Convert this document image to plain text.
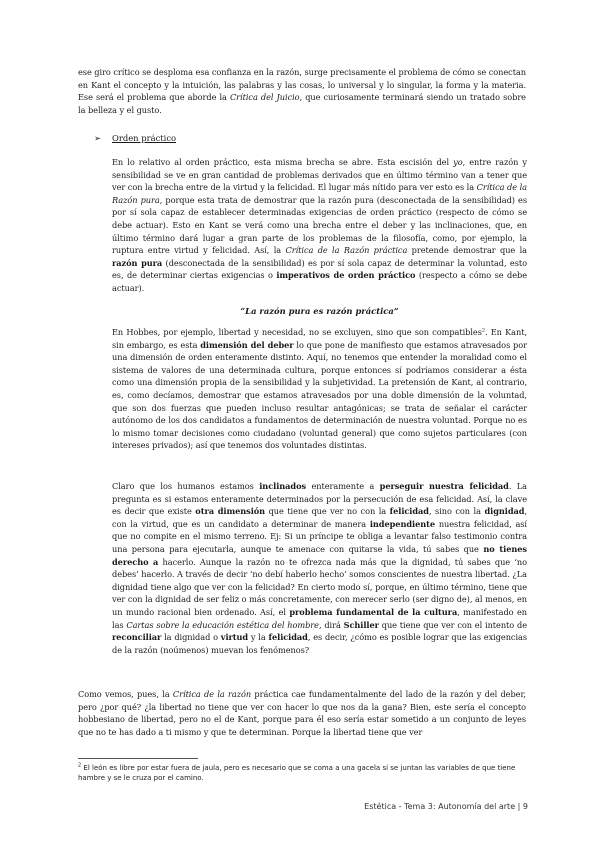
ese giro crítico se desploma esa confianza en la razón, surge precisamente el problema de cómo se conectan en Kant el concepto y la intuición, las palabras y las cosas, lo universal y lo singular, la forma y la materia. Ese será el problema que aborde la Crítica del Juicio, que curiosamente terminará siendo un tratado sobre la belleza y el gusto.

➢ Orden práctico

En lo relativo al orden práctico, esta misma brecha se abre. Esta escisión del yo, entre razón y sensibilidad se ve en gran cantidad de problemas derivados que en último término van a tener que ver con la brecha entre de la virtud y la felicidad. El lugar más nítido para ver esto es la Crítica de la Razón pura, porque esta trata de demostrar que la razón pura (desconectada de la sensibilidad) es por sí sola capaz de establecer determinadas exigencias de orden práctico (respecto de cómo se debe actuar). Esto en Kant se verá como una brecha entre el deber y las inclinaciones, que, en último término dará lugar a gran parte de los problemas de la filosofía, como, por ejemplo, la ruptura entre virtud y felicidad. Así, la Crítica de la Razón práctica pretende demostrar que la razón pura (desconectada de la sensibilidad) es por sí sola capaz de determinar la voluntad, esto es, de determinar ciertas exigencias o imperativos de orden práctico (respecto a cómo se debe actuar).

“La razón pura es razón práctica”

En Hobbes, por ejemplo, libertad y necesidad, no se excluyen, sino que son compatibles$^2$. En Kant, sin embargo, es esta dimensión del deber lo que pone de manifiesto que estamos atravesados por una dimensión de orden enteramente distinto. Aquí, no tenemos que entender la moralidad como el sistema de valores de una determinada cultura, porque entonces sí podríamos considerar a ésta como una dimensión propia de la sensibilidad y la subjetividad. La pretensión de Kant, al contrario, es, como decíamos, demostrar que estamos atravesados por una doble dimensión de la voluntad, que son dos fuerzas que pueden incluso resultar antagónicas; se trata de señalar el carácter autónomo de los dos candidatos a fundamentos de determinación de nuestra voluntad. Porque no es lo mismo tomar decisiones como ciudadano (voluntad general) que como sujetos particulares (con intereses privados); así que tenemos dos voluntades distintas.

Claro que los humanos estamos inclinados enteramente a perseguir nuestra felicidad. La pregunta es si estamos enteramente determinados por la persecución de esa felicidad. Así, la clave es decir que existe otra dimensión que tiene que ver no con la felicidad, sino con la dignidad, con la virtud, que es un candidato a determinar de manera independiente nuestra felicidad, así que no compite en el mismo terreno. Ej: Si un príncipe te obliga a levantar falso testimonio contra una persona para ejecutarla, aunque te amenace con quitarse la vida, tú sabes que no tienes derecho a hacerlo. Aunque la razón no te ofrezca nada más que la dignidad, tú sabes que ‘no debes’ hacerlo. A través de decir ‘no debí haberlo hecho’ somos conscientes de nuestra libertad. ¿La dignidad tiene algo que ver con la felicidad? En cierto modo sí, porque, en último término, tiene que ver con la dignidad de ser feliz o más concretamente, con merecer serlo (ser digno de), al menos, en un mundo racional bien ordenado. Así, el problema fundamental de la cultura, manifestado en las Cartas sobre la educación estética del hombre, dirá Schiller que tiene que ver con el intento de reconciliar la dignidad o virtud y la felicidad, es decir, ¿cómo es posible lograr que las exigencias de la razón (noúmenos) muevan los fenómenos?

Como vemos, pues, la Crítica de la razón práctica cae fundamentalmente del lado de la razón y del deber, pero ¿por qué? ¿la libertad no tiene que ver con hacer lo que nos da la gana? Bien, este sería el concepto hobbesiano de libertad, pero no el de Kant, porque para él eso sería estar sometido a un conjunto de leyes que no te has dado a ti mismo y que te determinan. Porque la libertad tiene que ver

$^2$ El león es libre por estar fuera de jaula, pero es necesario que se coma a una gacela si se juntan las variables de que tiene hambre y se le cruza por el camino.
Estética - Tema 3: Autonomía del arte | 9
